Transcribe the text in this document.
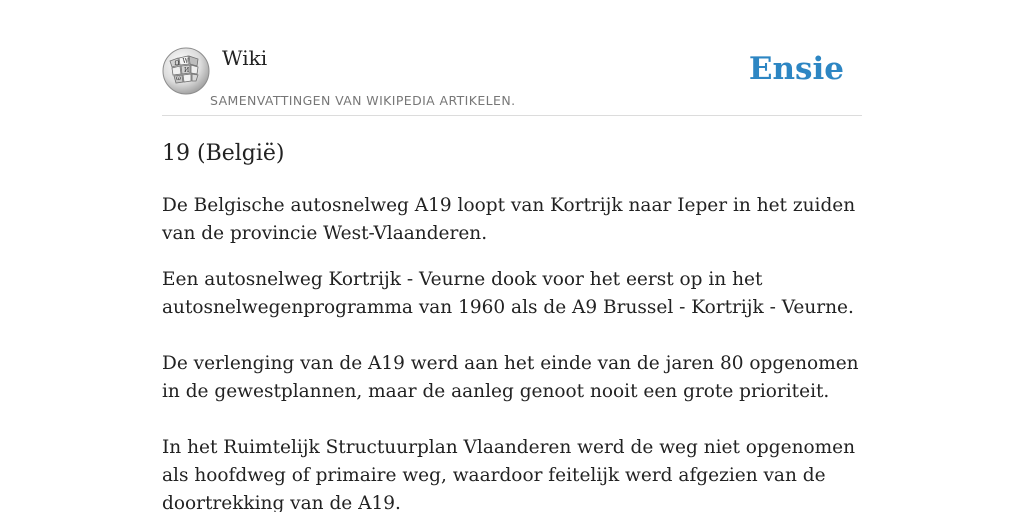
Ω W
И
ω
Wiki
SAMENVATTINGEN VAN WIKIPEDIA ARTIKELEN.
Ensie
19 (België)

De Belgische autosnelweg A19 loopt van Kortrijk naar Ieper in het zuiden van de provincie West-Vlaanderen.

Een autosnelweg Kortrijk - Veurne dook voor het eerst op in het autosnelwegenprogramma van 1960 als de A9 Brussel - Kortrijk - Veurne.

De verlenging van de A19 werd aan het einde van de jaren 80 opgenomen in de gewestplannen, maar de aanleg genoot nooit een grote prioriteit.

In het Ruimtelijk Structuurplan Vlaanderen werd de weg niet opgenomen als hoofdweg of primaire weg, waardoor feitelijk werd afgezien van de doortrekking van de A19.
